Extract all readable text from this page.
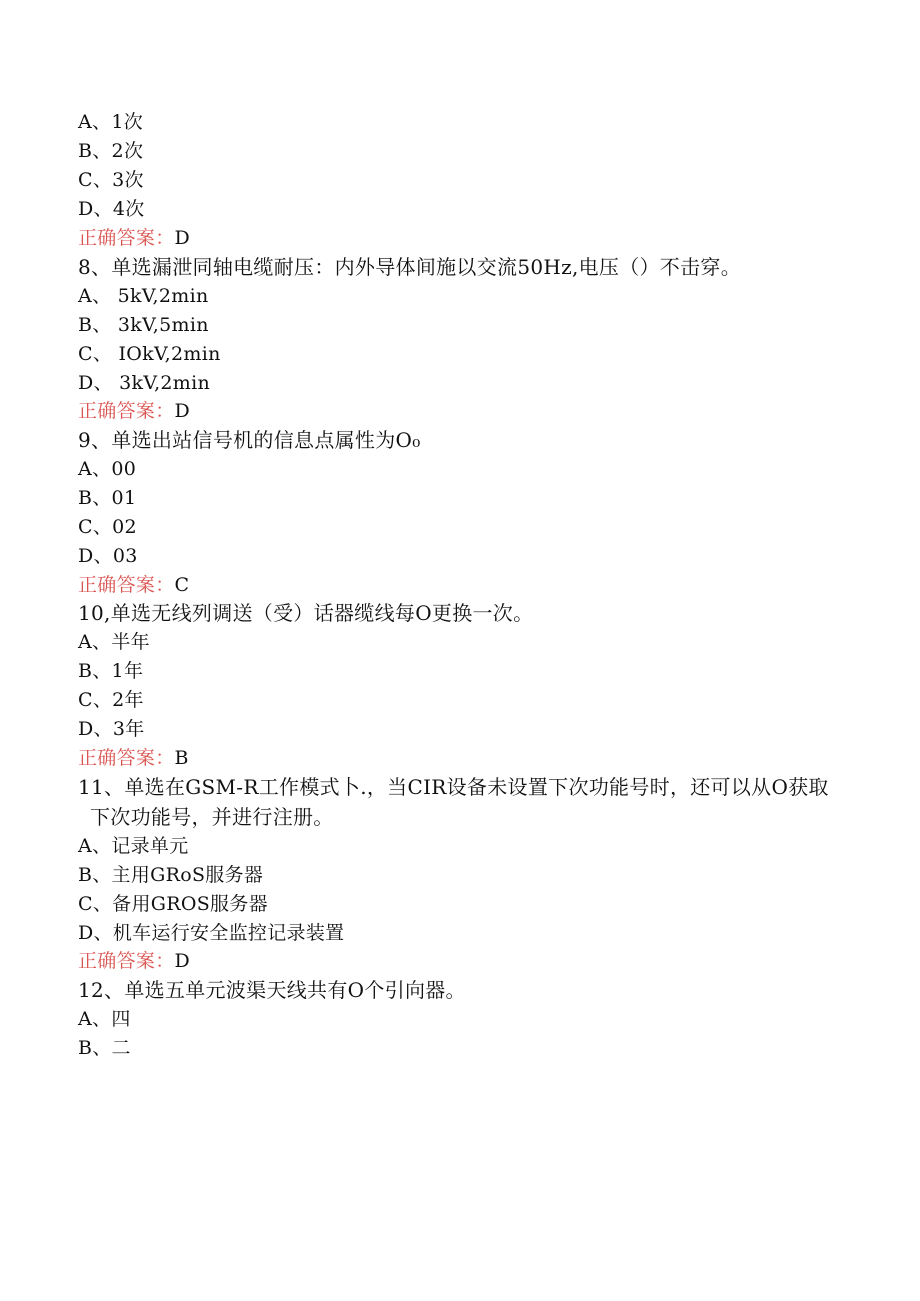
A、1次
B、2次
C、3次
D、4次
正确答案：D
8、单选漏泄同轴电缆耐压：内外导体间施以交流50Hz,电压（）不击穿。
A、 5kV,2min
B、 3kV,5min
C、 IOkV,2min
D、 3kV,2min
正确答案：D
9、单选出站信号机的信息点属性为O₀
A、00
B、01
C、02
D、03
正确答案：C
10,单选无线列调送（受）话器缆线每O更换一次。
A、半年
B、1年
C、2年
D、3年
正确答案：B
11、单选在GSM-R工作模式卜.，当CIR设备未设置下次功能号时，还可以从O获取
下次功能号，并进行注册。
A、记录单元
B、主用GRoS服务器
C、备用GROS服务器
D、机车运行安全监控记录装置
正确答案：D
12、单选五单元波渠天线共有O个引向器。
A、四
B、二
